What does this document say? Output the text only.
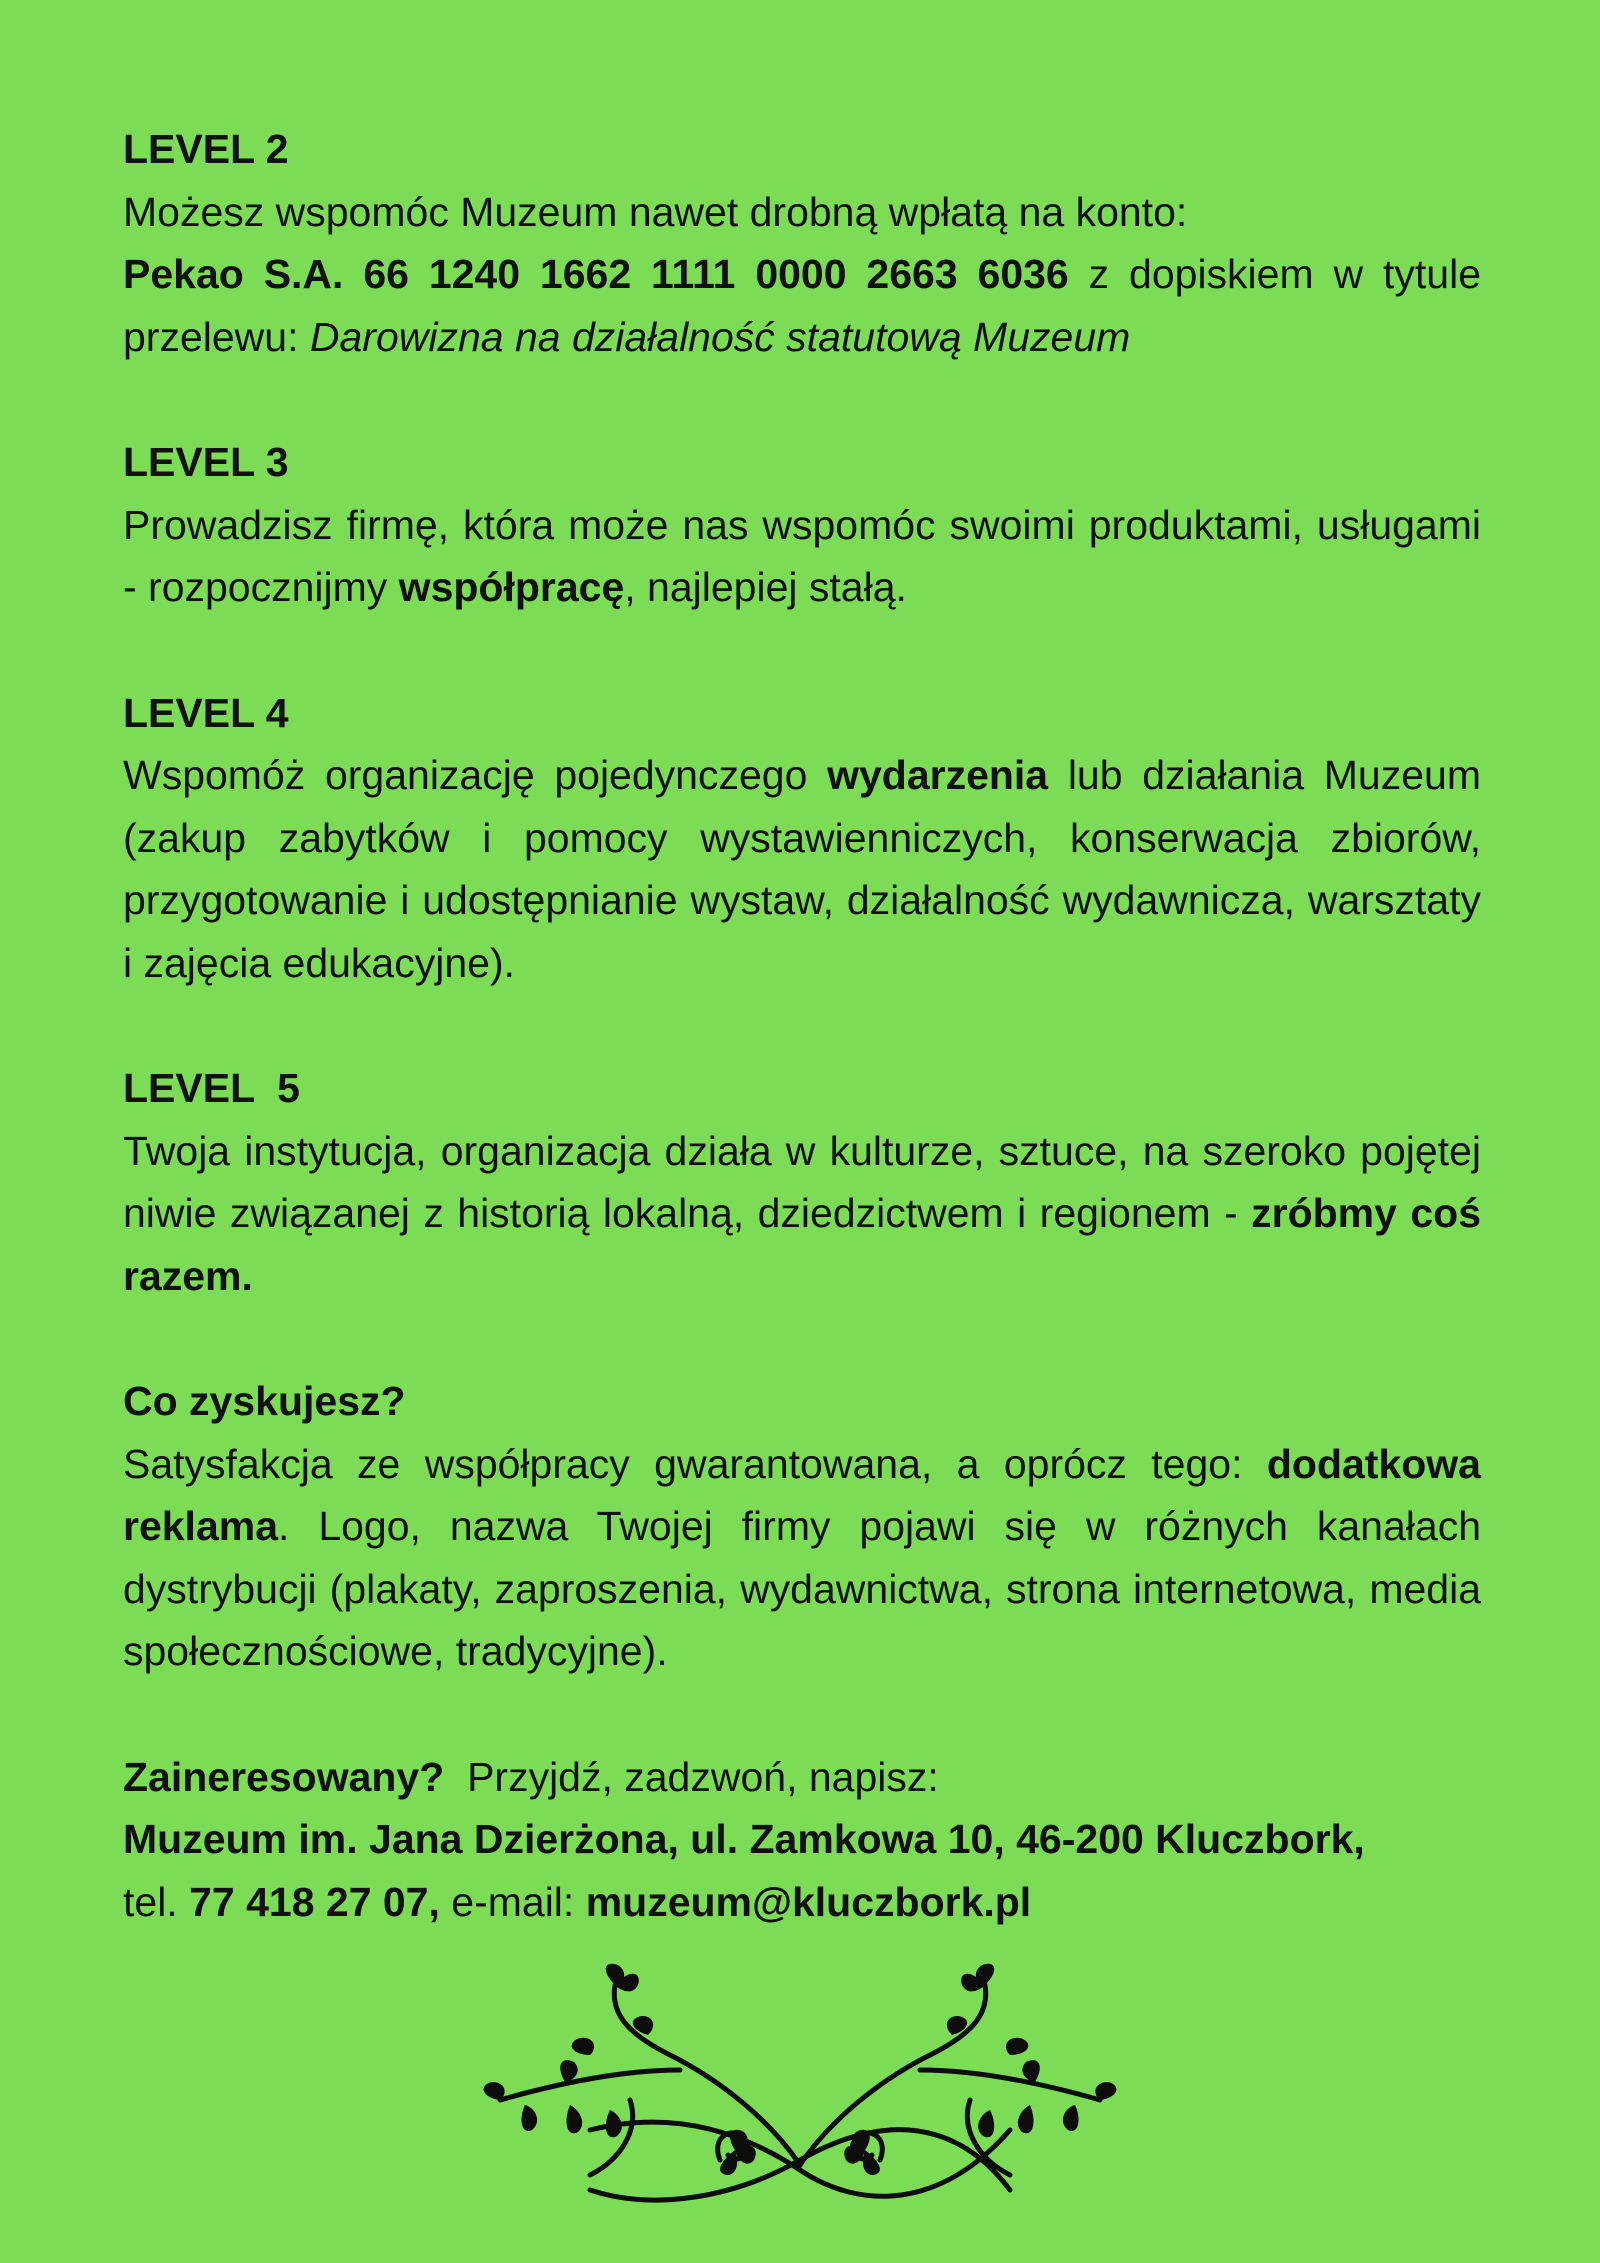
LEVEL 2

Możesz wspomóc Muzeum nawet drobną wpłatą na konto:

Pekao S.A. 66 1240 1662 1111 0000 2663 6036 z dopiskiem w tytule przelewu: Darowizna na działalność statutową Muzeum

LEVEL 3

Prowadzisz firmę, która może nas wspomóc swoimi produktami, usługami - rozpocznijmy współpracę, najlepiej stałą.

LEVEL 4

Wspomóż organizację pojedynczego wydarzenia lub działania Muzeum (zakup zabytków i pomocy wystawienniczych, konserwacja zbiorów, przygotowanie i udostępnianie wystaw, działalność wydawnicza, warsztaty i zajęcia edukacyjne).

LEVEL  5

Twoja instytucja, organizacja działa w kulturze, sztuce, na szeroko pojętej niwie związanej z historią lokalną, dziedzictwem i regionem - zróbmy coś razem.

Co zyskujesz?

Satysfakcja ze współpracy gwarantowana, a oprócz tego: dodatkowa reklama. Logo, nazwa Twojej firmy pojawi się w różnych kanałach dystrybucji (plakaty, zaproszenia, wydawnictwa, strona internetowa, media społecznościowe, tradycyjne).

Zaineresowany?  Przyjdź, zadzwoń, napisz:

Muzeum im. Jana Dzierżona, ul. Zamkowa 10, 46-200 Kluczbork,

tel. 77 418 27 07, e-mail: muzeum@kluczbork.pl
